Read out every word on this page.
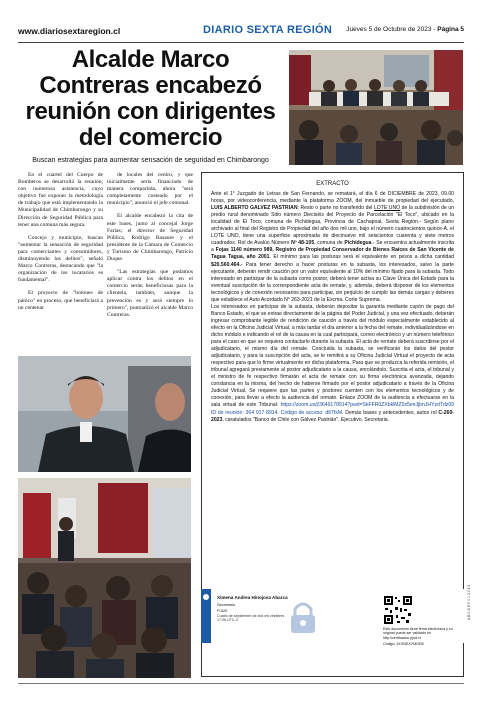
www.diariosextaregion.cl	DIARIO SEXTA REGIÓN Jueves 5 de Octubre de 2023 - Página 5
Alcalde Marco Contreras encabezó reunión con dirigentes del comercio
Buscan estrategias para aumentar sensación de seguridad en Chimbarongo

En el cuartel del Cuerpo de Bomberos se desarrolló la reunión, con numerosa asistencia, cuyo objetivo fue exponer la metodología de trabajo que está implementando la Municipalidad de Chimbarongo y su Dirección de Seguridad Pública para tener una comuna más segura.

Concejo y municipio, buscan "aumentar la sensación de seguridad para comerciantes y consumidores, disminuyendo los delitos", señaló Marco Contreras, destacando que "la organización de los locatarios es fundamental".

El proyecto de "botones de pánico" en proceso, que beneficiará a un centenar

de locales del centro, y que inicialmente sería financiado de manera compartida, ahora "será completamente costeado por el municipio", anunció el jefe comunal.

El alcalde encabezó la cita de este lunes, junto al concejal Jorge Farías; el director de Seguridad Pública, Rodrigo Basaure y el presidente de la Cámara de Comercio y Turismo de Chimbarongo, Patricio Duque.

"Las estrategias que podamos aplicar contra los delitos en el comercio serán beneficiosas para la clientela, también, aunque la prevención es y será siempre lo primero", puntualizó el alcalde Marco Contreras.

EXTRACTO
Ante el 1° Juzgado de Letras de San Fernando, se rematará, el día 6 de DICIEMBRE de 2023, 09.00 horas, por videoconferencia, mediante la plataforma ZOOM, del inmueble de propiedad del ejecutado, LUIS ALBERTO GALVEZ PASTRIAN: Resto o parte no transferido del LOTE UNO de la subdivisión de un predio rural denominado Sitio número Dieciséis del Proyecto de Parcelación "El Toco", ubicado en la localidad de El Toco, comuna de Pichidegua, Provincia de Cachapoal, Sexta Región.- Según plano archivado al final del Registro de Propiedad del año dos mil uno, bajo el número cuatrocientos quince-A, el LOTE UNO, tiene una superficie aproximada de diecinueve mil seiscientos cuarenta y siete metros cuadrados. Rol de Avalúo Número Nº 48-105, comuna de Pichidegua.- Se encuentra actualmente inscrita a Fojas 1140 número 989, Registro de Propiedad Conservador de Bienes Raíces de San Vicente de Tagua Tagua, año 2001. El mínimo para las posturas será el equivalente en pesos a dicha cantidad $20.560.464.- Para tener derecho a hacer posturas en la subasta, los interesados, salvo la parte ejecutante, deberán rendir caución por un valor equivalente al 10% del mínimo fijado para la subasta. Todo interesado en participar de la subasta como postor, deberá tener activa su Clave Única del Estado para la eventual suscripción de la correspondiente acta de remate, y, además, deberá disponer de los elementos tecnológicos y de conexión necesarios para participar, sin perjuicio de cumplir las demás cargas y deberes que establece el Auto Acordado N° 263-2021 de la Excma. Corte Suprema.
Los interesados en participar de la subasta, deberán depositar la garantía mediante cupón de pago del Banco Estado, el que se extrae directamente de la página del Poder Judicial, y una vez efectuado, deberán ingresar comprobante legible de rendición de caución a través del módulo especialmente establecido al efecto en la Oficina Judicial Virtual, a más tardar el día anterior a la fecha del remate, individualizándose en dicho módulo e indicando el rol de la causa en la cual participará, correo electrónico y un número telefónico para el caso en que se requiera contactarlo durante la subasta. El acta de remate deberá suscribirse por el adjudicatario, el mismo día del remate. Concluida la subasta, se verificarán los datos del postor adjudicatario, y para la suscripción del acta, se le remitirá a su Oficina Judicial Virtual el proyecto de acta respectivo para que lo firme virtualmente en dicha plataforma. Para que se produzca la referida remisión, el tribunal agregará previamente al postor adjudicatario a la causa, enrolándolo, Suscrita el acta, el tribunal y el ministro de fe respectivo firmarán el acta de remate con su firma electrónica avanzada, dejando constancia en la misma, del hecho de haberse firmado por el postor adjudicatario a través de la Oficina Judicial Virtual. Se requiere que las partes y postores cuenten con los elementos tecnológicos y de conexión, para llevar a efecto la audiencia del remate. Enlace ZOOM de la audiencia a efectuarse en la sala virtual de este Tribunal: https://zoom.us/j/3649178914?pwd=SkFFR0ZXbklMZ0x5enJjbnJHYzdTdz09 ID de reunión: 364 917 8914. Código de acceso: d67fxM. Demás bases y antecedentes, autos rol C-260-2023, caratulados "Banco de Chile con Gálvez Pastrián". Ejecutivo. Secretaria.
Ximena Andrea Hinojosa Abarca
Secretario
PJUD
Cuatro de septiembre de dos mil veintitrés 17:06 UTC-3
Este documento tiene firma electrónica y su original puede ser validado en http://verificadoc.pjud.cl
Código: JXGNEXYMGEB
A B C D E F 0 1 2 3 4 5
